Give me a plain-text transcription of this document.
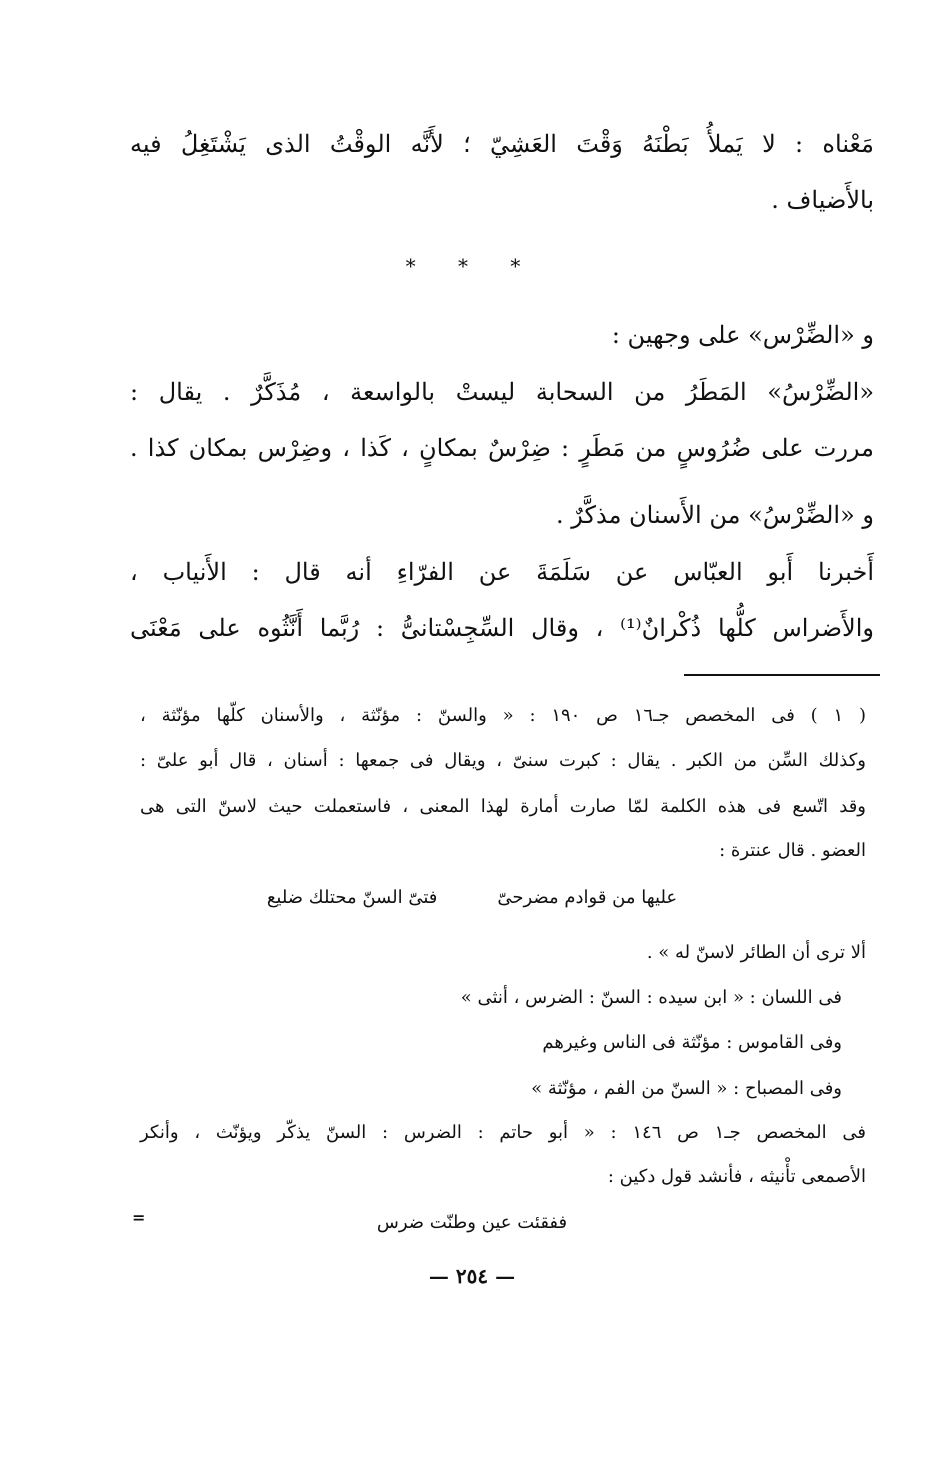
مَعْناه : لا يَملأُ بَطْنَهُ وَقْتَ العَشِيّ ؛ لأَنَّه الوقْتُ الذى يَشْتَغِلُ فيه
بالأَضياف .
* * *
و «الضِّرْس» على وجهين :
«الضِّرْسُ» المَطَرُ من السحابة ليستْ بالواسعة ، مُذَكَّرٌ . يقال :
مررت على ضُرُوسٍ من مَطَرٍ : ضِرْسٌ بمكانٍ ، كَذا ، وضِرْس بمكان كذا .
و «الضِّرْسُ» من الأَسنان مذكَّرٌ .
أَخبرنا أَبو العبّاس عن سَلَمَةَ عن الفرّاءِ أنه قال : الأَنياب ،
والأَضراس كلُّها ذُكْرانٌ⁽¹⁾ ، وقال السِّجِسْتانىُّ : رُبَّما أَنَّثُوه على مَعْنَى
( ١ ) فى المخصص جـ١٦ ص ١٩٠ : « والسنّ : مؤنّثة ، والأسنان كلّها مؤنّثة ،
وكذلك السِّن من الكبر . يقال : كبرت سنىّ ، ويقال فى جمعها : أسنان ، قال أبو علىّ :
وقد اتّسع فى هذه الكلمة لمّا صارت أمارة لهذا المعنى ، فاستعملت حيث لاسنّ التى هى
العضو . قال عنترة :
عليها من قوادم مضرحىّفتىّ السنّ محتلك ضليع
ألا ترى أن الطائر لاسنّ له » .
فى اللسان : « ابن سيده : السنّ : الضرس ، أنثى »
وفى القاموس : مؤنّثة فى الناس وغيرهم
وفى المصباح : « السنّ من الفم ، مؤنّثة »
فى المخصص جـ١ ص ١٤٦ : « أبو حاتم : الضرس : السنّ يذكّر ويؤنّث ، وأنكر
الأصمعى تأْنيثه ، فأنشد قول دكين :
ففقئت عين وطنّت ضرس
=
— ٢٥٤ —
